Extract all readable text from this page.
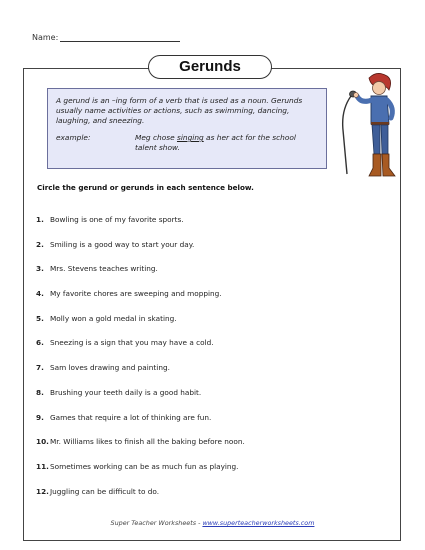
Name:
Gerunds
A gerund is an –ing form of a verb that is used as a noun. Gerunds usually name activities or actions, such as swimming, dancing, laughing, and sneezing.
example:	Meg chose singing as her act for the school talent show.
Circle the gerund or gerunds in each sentence below.
1. Bowling is one of my favorite sports.
2. Smiling is a good way to start your day.
3. Mrs. Stevens teaches writing.
4. My favorite chores are sweeping and mopping.
5. Molly won a gold medal in skating.
6. Sneezing is a sign that you may have a cold.
7. Sam loves drawing and painting.
8. Brushing your teeth daily is a good habit.
9. Games that require a lot of thinking are fun.
10. Mr. Williams likes to finish all the baking before noon.
11. Sometimes working can be as much fun as playing.
12. Juggling can be difficult to do.
Super Teacher Worksheets - www.superteacherworksheets.com
